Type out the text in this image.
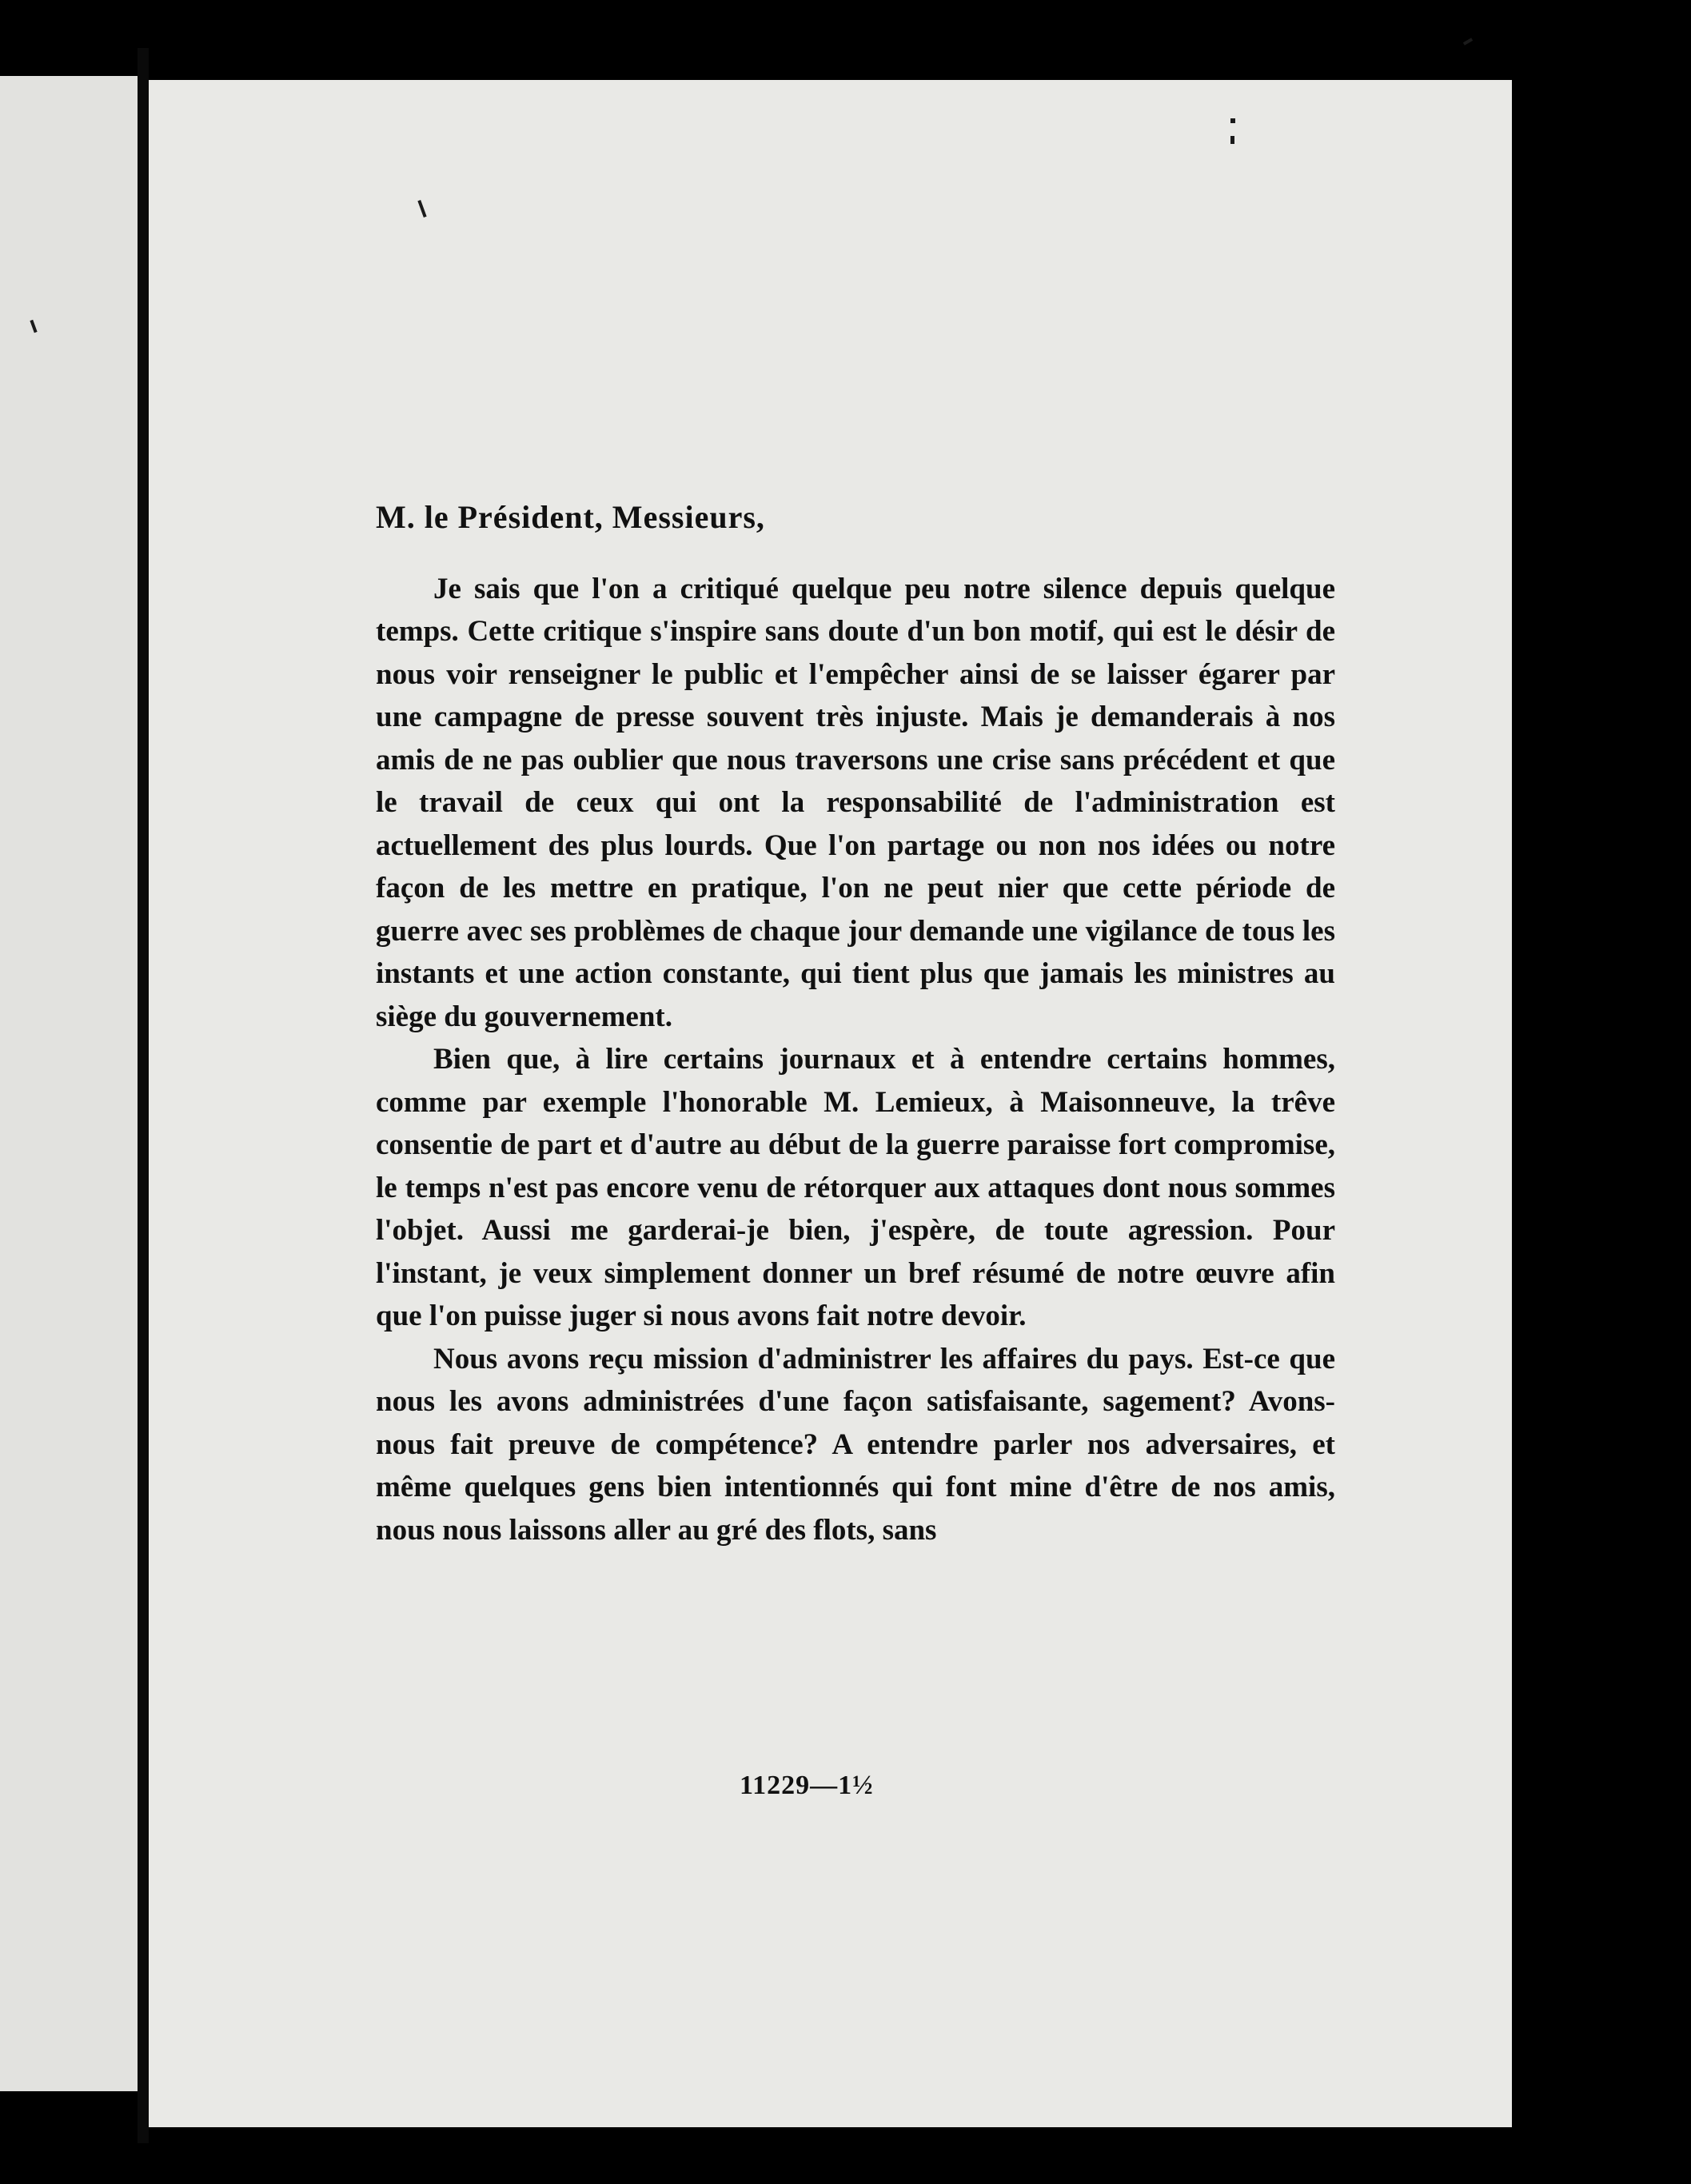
M. le Président, Messieurs,

Je sais que l'on a critiqué quelque peu notre silence depuis quelque temps. Cette critique s'inspire sans doute d'un bon motif, qui est le désir de nous voir renseigner le public et l'empêcher ainsi de se laisser égarer par une campagne de presse souvent très injuste. Mais je demanderais à nos amis de ne pas oublier que nous traversons une crise sans précédent et que le travail de ceux qui ont la responsabilité de l'administration est actuellement des plus lourds. Que l'on partage ou non nos idées ou notre façon de les mettre en pratique, l'on ne peut nier que cette période de guerre avec ses problèmes de chaque jour demande une vigilance de tous les instants et une action constante, qui tient plus que jamais les ministres au siège du gouvernement.

Bien que, à lire certains journaux et à entendre certains hommes, comme par exemple l'honorable M. Lemieux, à Maisonneuve, la trêve consentie de part et d'autre au début de la guerre paraisse fort compromise, le temps n'est pas encore venu de rétorquer aux attaques dont nous sommes l'objet. Aussi me garderai-je bien, j'espère, de toute agression. Pour l'instant, je veux simplement donner un bref résumé de notre œuvre afin que l'on puisse juger si nous avons fait notre devoir.

Nous avons reçu mission d'administrer les affaires du pays. Est-ce que nous les avons administrées d'une façon satisfaisante, sagement? Avons-nous fait preuve de compétence? A entendre parler nos adversaires, et même quelques gens bien intentionnés qui font mine d'être de nos amis, nous nous laissons aller au gré des flots, sans

11229—1½
